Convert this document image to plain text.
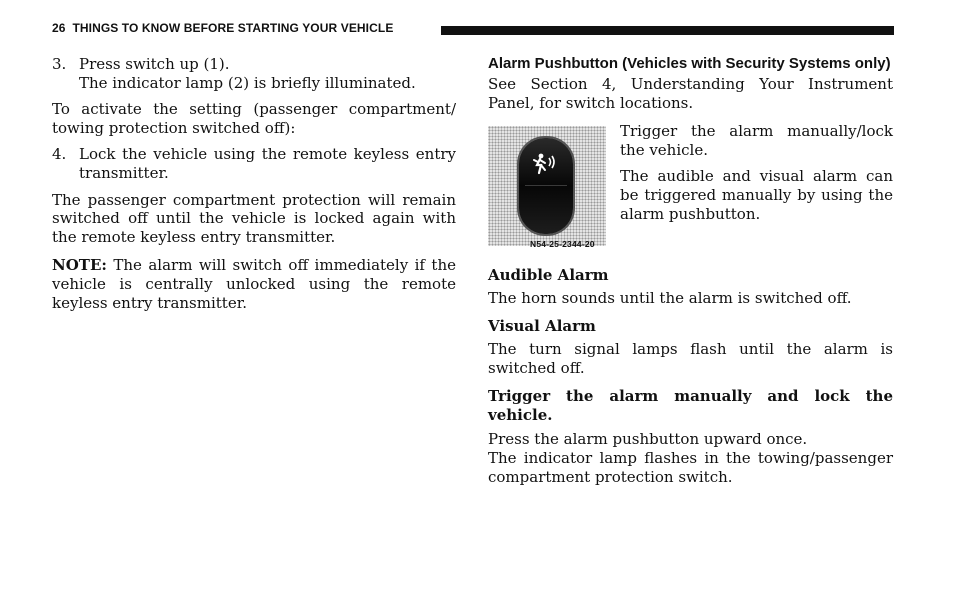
26 THINGS TO KNOW BEFORE STARTING YOUR VEHICLE
3. Press switch up (1).
The indicator lamp (2) is briefly illuminated.

To activate the setting (passenger compartment/ towing protection switched off):

4. Lock the vehicle using the remote keyless entry transmitter.

The passenger compartment protection will remain switched off until the vehicle is locked again with the remote keyless entry transmitter.

NOTE: The alarm will switch off immediately if the vehicle is centrally unlocked using the remote keyless entry transmitter.

Alarm Pushbutton (Vehicles with Security Systems only)

See Section 4, Understanding Your Instrument Panel, for switch locations.

N54-25-2344-20

Trigger the alarm manually/lock the vehicle.

The audible and visual alarm can be triggered manually by using the alarm pushbutton.

Audible Alarm

The horn sounds until the alarm is switched off.

Visual Alarm

The turn signal lamps flash until the alarm is switched off.

Trigger the alarm manually and lock the vehicle.

Press the alarm pushbutton upward once.

The indicator lamp flashes in the towing/passenger compartment protection switch.
